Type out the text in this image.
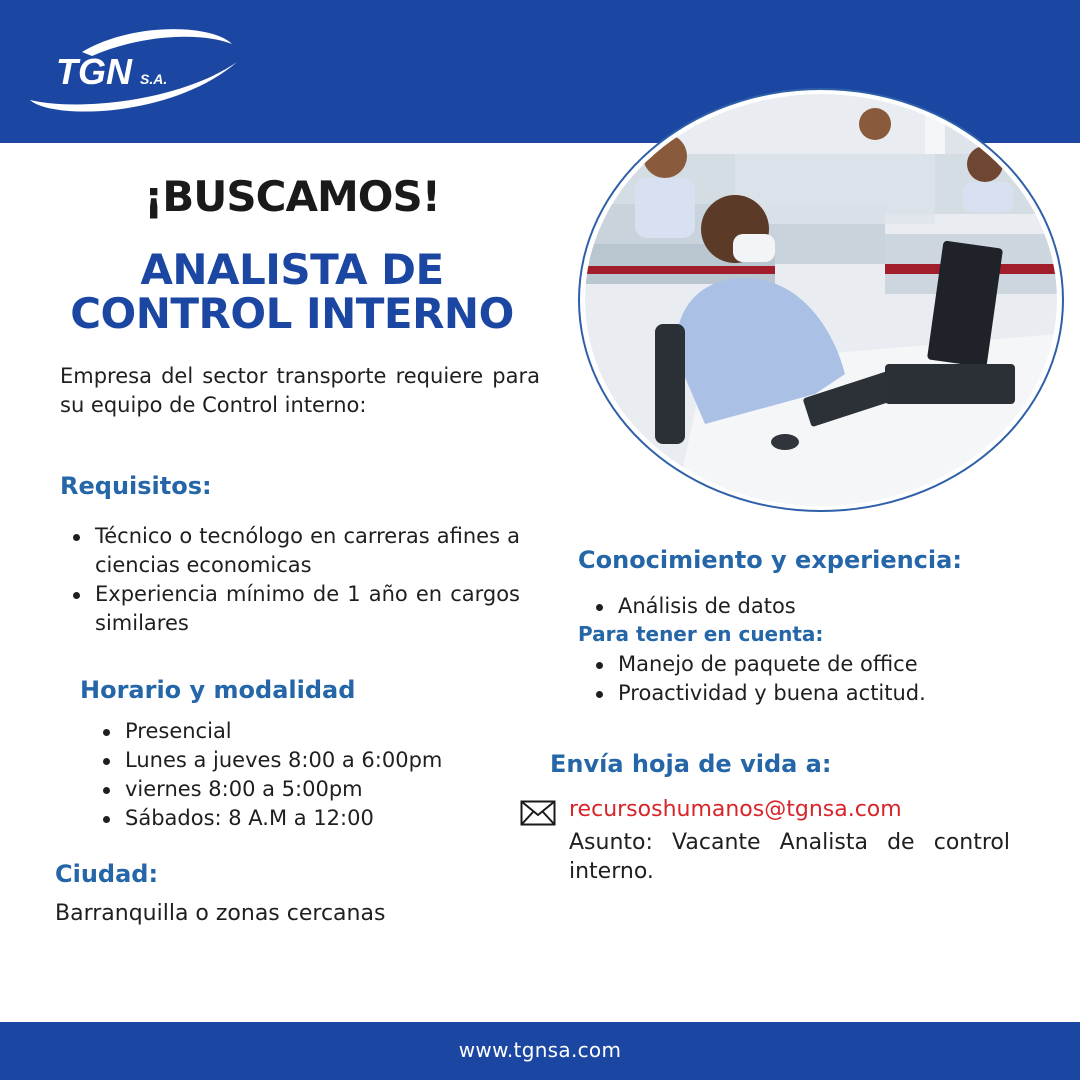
TGN S.A.
¡BUSCAMOS!
ANALISTA DE
CONTROL INTERNO
Empresa del sector transporte requiere para su equipo de Control interno:
Requisitos:
Técnico o tecnólogo en carreras afines a ciencias economicas
Experiencia mínimo de 1 año en cargos similares
Horario y modalidad
Presencial
Lunes a jueves 8:00 a 6:00pm
viernes 8:00 a 5:00pm
Sábados: 8 A.M a 12:00
Ciudad:
Barranquilla o zonas cercanas
Conocimiento y experiencia:
Análisis de datos
Para tener en cuenta:
Manejo de paquete de office
Proactividad y buena actitud.
Envía hoja de vida a:
recursoshumanos@tgnsa.com
Asunto: Vacante Analista de control interno.
www.tgnsa.com
